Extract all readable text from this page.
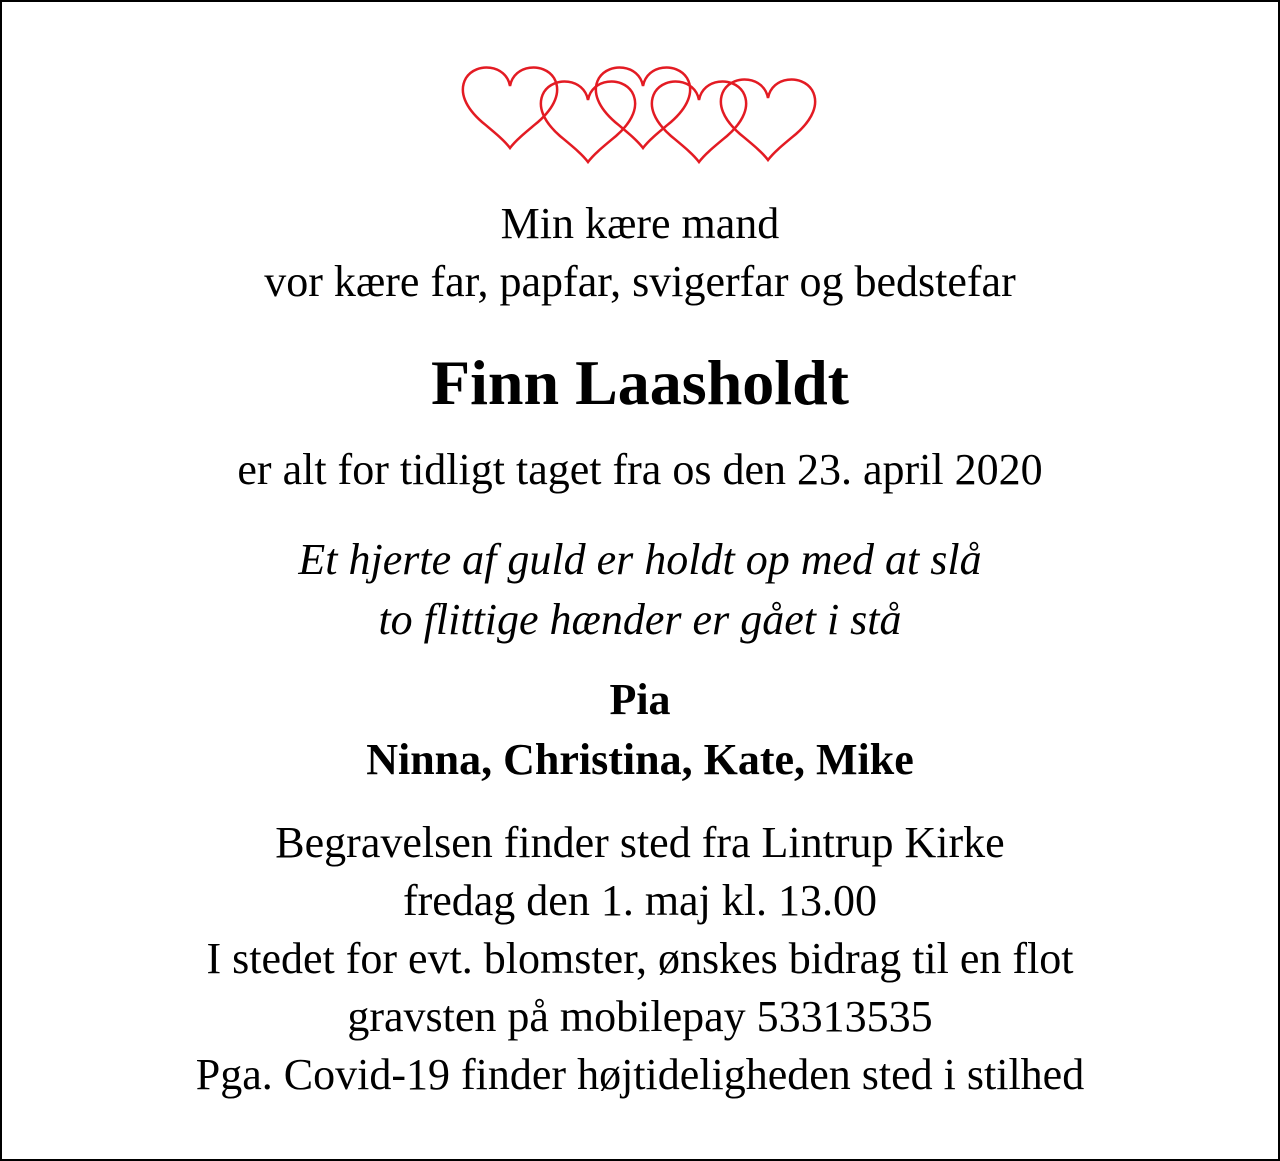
Min kære mand
vor kære far, papfar, svigerfar og bedstefar
Finn Laasholdt
er alt for tidligt taget fra os den 23. april 2020
Et hjerte af guld er holdt op med at slå
to flittige hænder er gået i stå
Pia
Ninna, Christina, Kate, Mike
Begravelsen finder sted fra Lintrup Kirke
fredag den 1. maj kl. 13.00
I stedet for evt. blomster, ønskes bidrag til en flot
gravsten på mobilepay 53313535
Pga. Covid-19 finder højtideligheden sted i stilhed
